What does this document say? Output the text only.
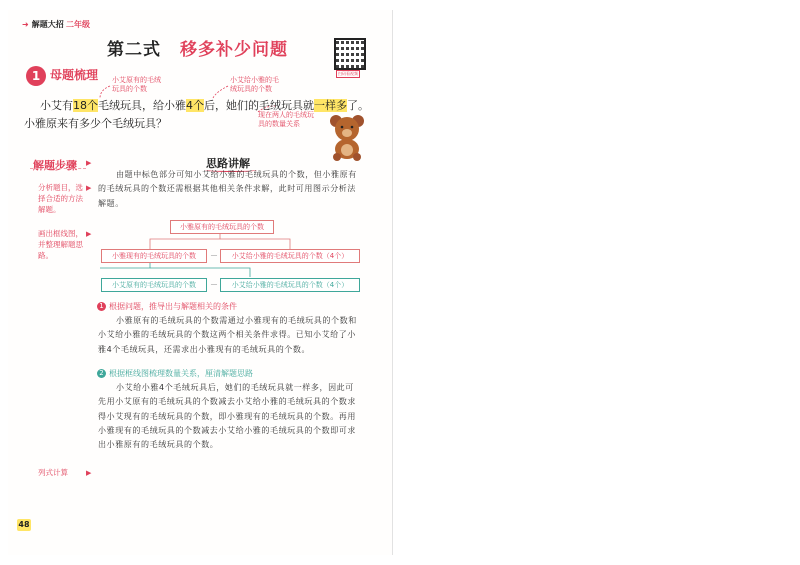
➜ 解题大招 二年级
第二式 移多补少问题
扫码看视频
1 母题梳理 小艾原有的毛绒玩具的个数
小艾给小雅的毛绒玩具的个数
现在两人的毛绒玩具的数量关系
小艾有18个毛绒玩具，给小雅4个后，她们的毛绒玩具就一样多了。
小雅原来有多少个毛绒玩具？
解题步骤 ▶
分析题目，选择合适的方法解题。
▶
画出框线图，并整理解题思路。
▶
列式计算	▶
思路讲解
由题中标色部分可知小艾给小雅的毛绒玩具的个数，但小雅原有的毛绒玩具的个数还需根据其他相关条件求解，此时可用图示分析法解题。
小雅原有的毛绒玩具的个数
小雅现有的毛绒玩具的个数	－	小艾给小雅的毛绒玩具的个数（4个）
小艾原有的毛绒玩具的个数	－	小艾给小雅的毛绒玩具的个数（4个）
1 根据问题，推导出与解题相关的条件
小雅原有的毛绒玩具的个数需通过小雅现有的毛绒玩具的个数和小艾给小雅的毛绒玩具的个数这两个相关条件求得。已知小艾给了小雅4个毛绒玩具，还需求出小雅现有的毛绒玩具的个数。
2 根据框线图梳理数量关系，厘清解题思路
小艾给小雅4个毛绒玩具后，她们的毛绒玩具就一样多，因此可先用小艾原有的毛绒玩具的个数减去小艾给小雅的毛绒玩具的个数求得小艾现有的毛绒玩具的个数，即小雅现有的毛绒玩具的个数。再用小雅现有的毛绒玩具的个数减去小艾给小雅的毛绒玩具的个数即可求出小雅原有的毛绒玩具的个数。
48
